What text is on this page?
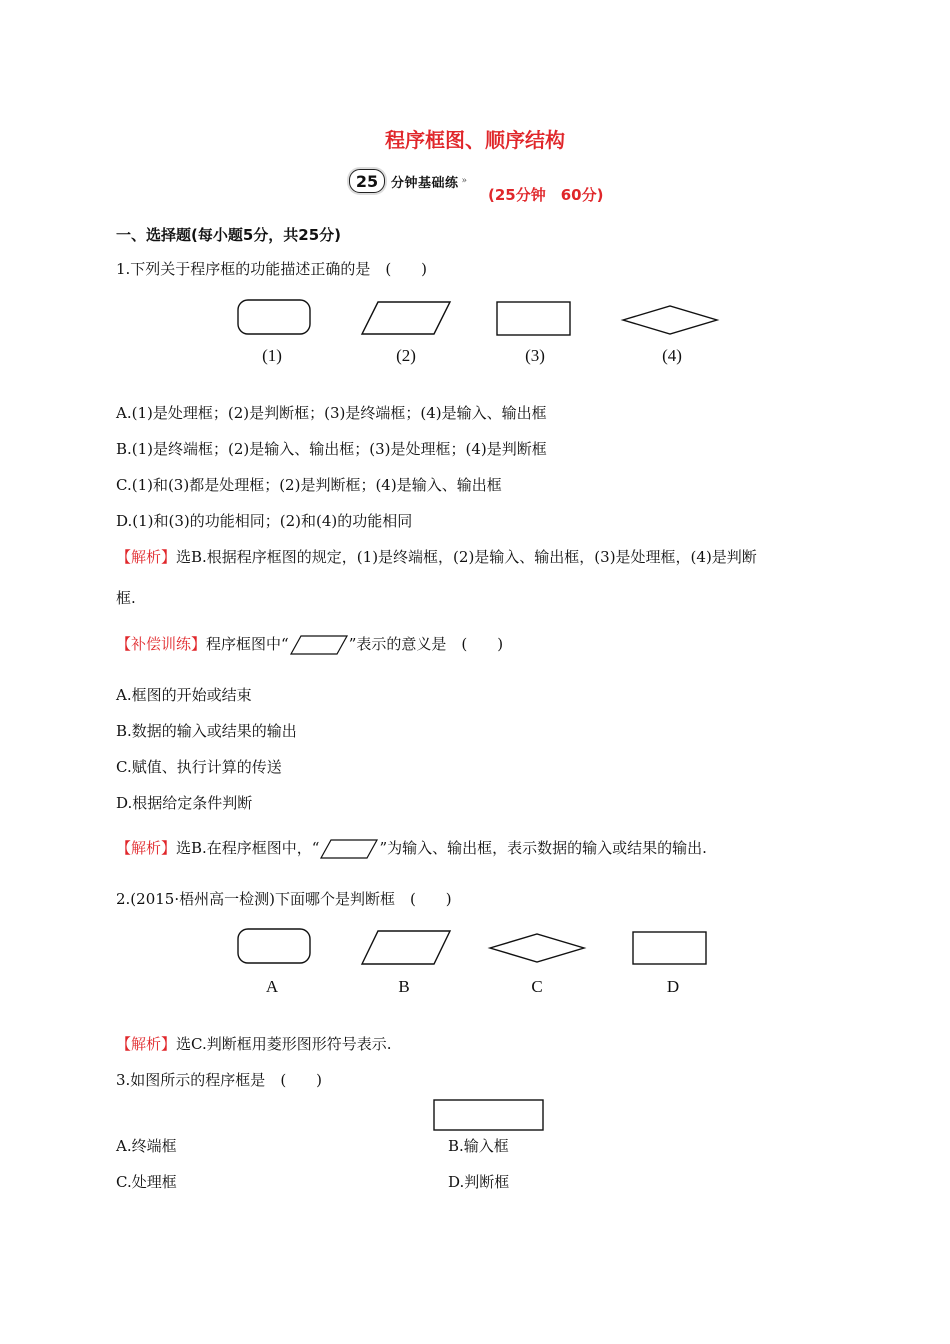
程序框图、顺序结构
25 分钟基础练 »
(25分钟　60分)
一、选择题(每小题5分，共25分)
1.下列关于程序框的功能描述正确的是　(　　)
(1)	(2)	(3)	(4)
A.(1)是处理框；(2)是判断框；(3)是终端框；(4)是输入、输出框
B.(1)是终端框；(2)是输入、输出框；(3)是处理框；(4)是判断框
C.(1)和(3)都是处理框；(2)是判断框；(4)是输入、输出框
D.(1)和(3)的功能相同；(2)和(4)的功能相同
【解析】选B.根据程序框图的规定，(1)是终端框，(2)是输入、输出框，(3)是处理框，(4)是判断
框.
【补偿训练】程序框图中“	”表示的意义是　(　　)
A.框图的开始或结束
B.数据的输入或结果的输出
C.赋值、执行计算的传送
D.根据给定条件判断
【解析】选B.在程序框图中，“	”为输入、输出框，表示数据的输入或结果的输出.
2.(2015·梧州高一检测)下面哪个是判断框　(　　)
A	B	C	D
【解析】选C.判断框用菱形图形符号表示.
3.如图所示的程序框是　(　　)
A.终端框	B.输入框
C.处理框	D.判断框
